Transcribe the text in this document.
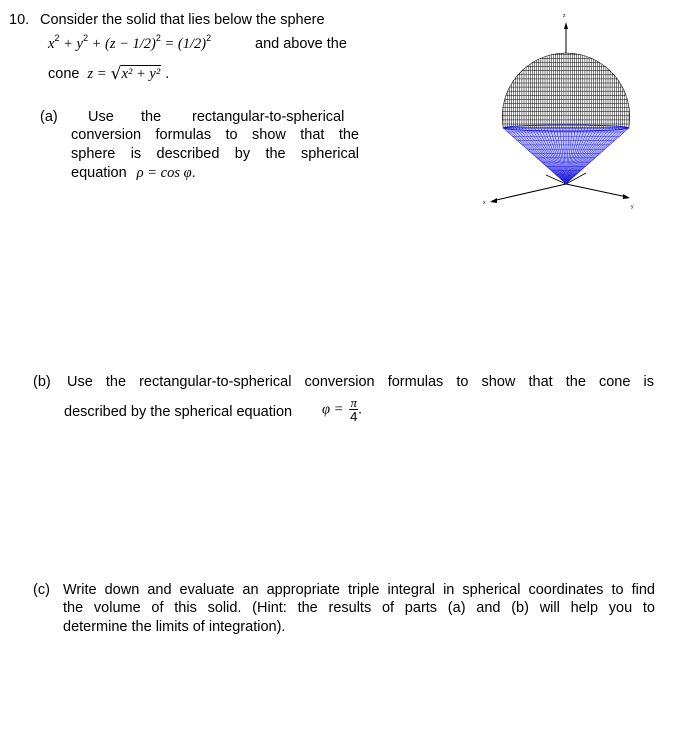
10. Consider the solid that lies below the sphere
$x^2 + y^2 + (z - 1/2)^2 = (1/2)^2$	and above the
cone z = √ x² + y² .
(a) Use the rectangular-to-spherical
conversion formulas to show that the
sphere is described by the spherical
equation ρ = cos φ.
z
x
y
(b) Use the rectangular-to-spherical conversion formulas to show that the cone is
described by the spherical equation $\varphi = \frac{\pi}{4}$ .
(c) Write down and evaluate an appropriate triple integral in spherical coordinates to find
the volume of this solid. (Hint: the results of parts (a) and (b) will help you to
determine the limits of integration).
